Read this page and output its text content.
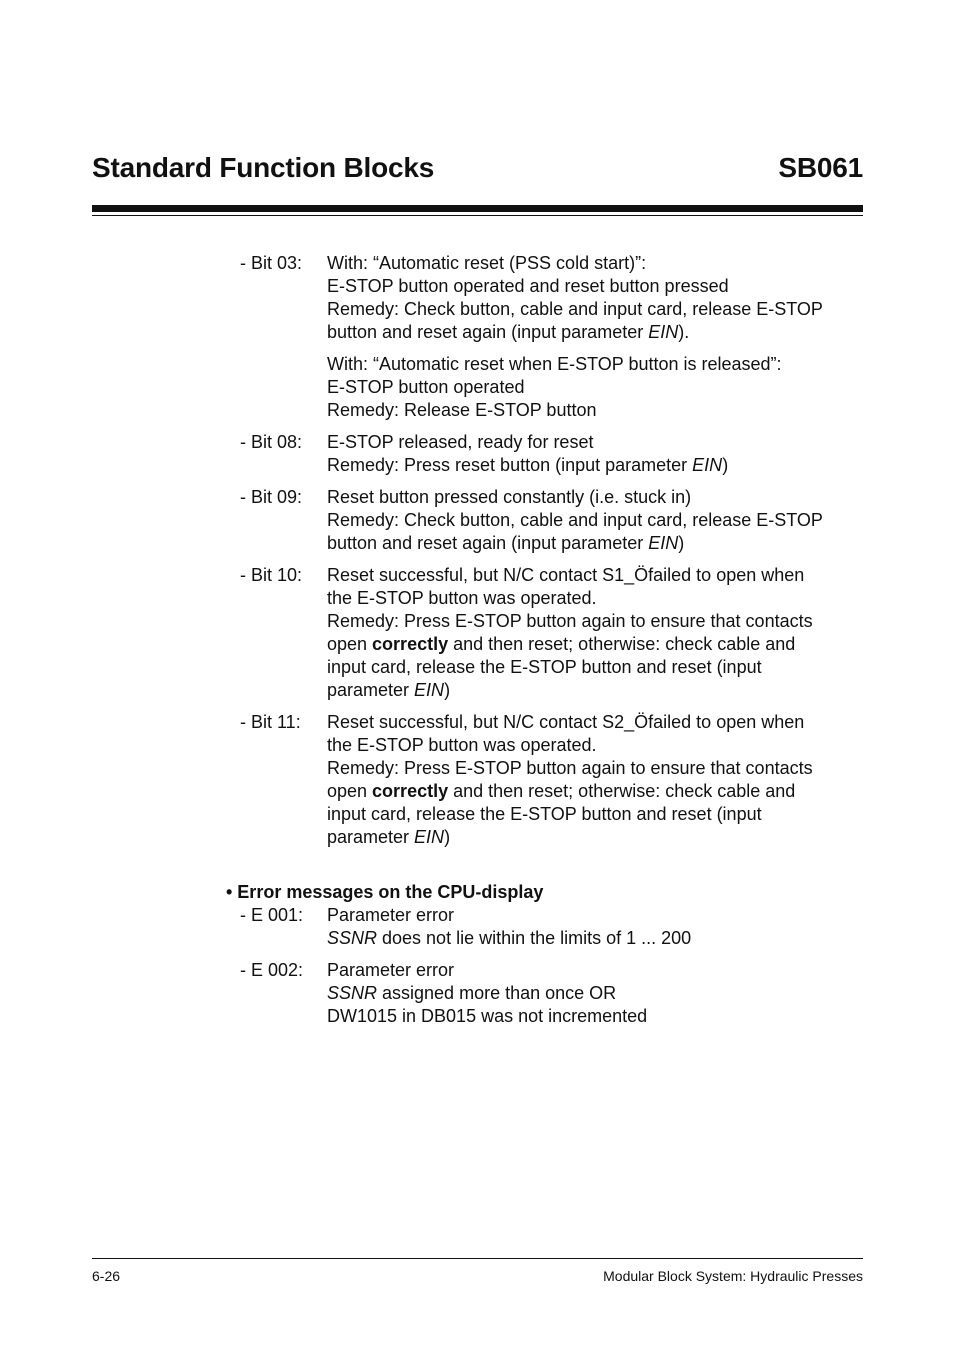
Standard Function Blocks	SB061
- Bit 03:	With: “Automatic reset (PSS cold start)”:
E-STOP button operated and reset button pressed
Remedy: Check button, cable and input card, release E-STOP
button and reset again (input parameter EIN).
With: “Automatic reset when E-STOP button is released”:
E-STOP button operated
Remedy: Release E-STOP button
- Bit 08:	E-STOP released, ready for reset
Remedy: Press reset button (input parameter EIN)
- Bit 09:	Reset button pressed constantly (i.e. stuck in)
Remedy: Check button, cable and input card, release E-STOP
button and reset again (input parameter EIN)
- Bit 10:	Reset successful, but N/C contact S1_Öfailed to open when
the E-STOP button was operated.
Remedy: Press E-STOP button again to ensure that contacts
open correctly and then reset; otherwise: check cable and
input card, release the E-STOP button and reset (input
parameter EIN)
- Bit 11:	Reset successful, but N/C contact S2_Öfailed to open when
the E-STOP button was operated.
Remedy: Press E-STOP button again to ensure that contacts
open correctly and then reset; otherwise: check cable and
input card, release the E-STOP button and reset (input
parameter EIN)
• Error messages on the CPU-display
- E 001:	Parameter error
SSNR does not lie within the limits of 1 ... 200
- E 002:	Parameter error
SSNR assigned more than once OR
DW1015 in DB015 was not incremented
6-26	Modular Block System: Hydraulic Presses
